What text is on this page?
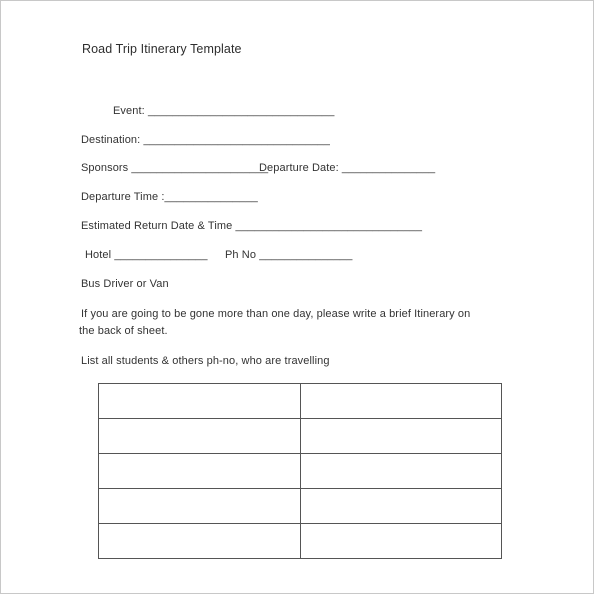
Road Trip Itinerary Template
Event: ______________________________
Destination: ______________________________
Sponsors ______________________
Departure Date: _______________
Departure Time :_______________
Estimated Return Date & Time ______________________________
Hotel _______________ Ph No _______________
Bus Driver or Van
If you are going to be gone more than one day, please write a brief Itinerary on
the back of sheet.
List all students & others ph-no, who are travelling
